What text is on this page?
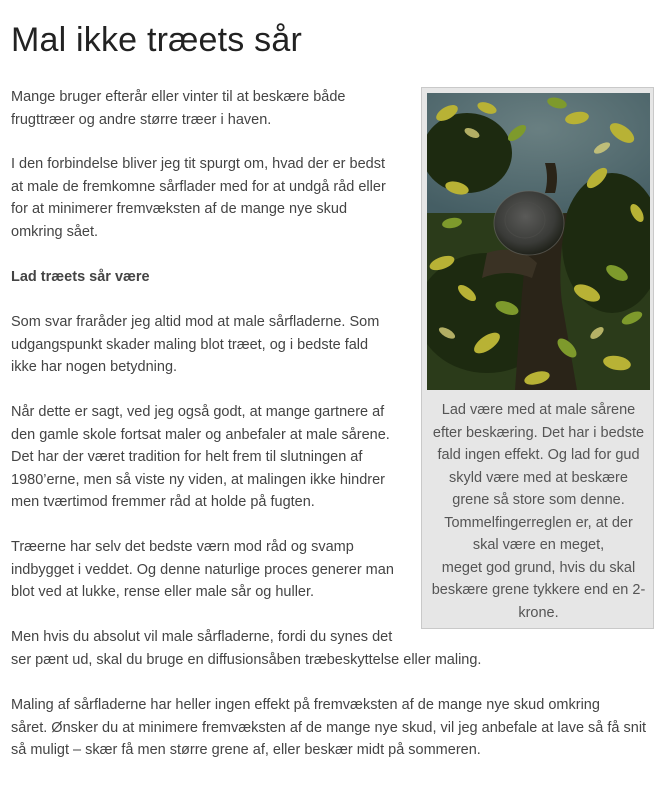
Mal ikke træets sår
Mange bruger efterår eller vinter til at beskære både
frugttræer og andre større træer i haven.
I den forbindelse bliver jeg tit spurgt om, hvad der er bedst
at male de fremkomne sårflader med for at undgå råd eller
for at minimerer fremvæksten af de mange nye skud
omkring sået.
Lad træets sår være
Som svar fraråder jeg altid mod at male sårfladerne. Som
udgangspunkt skader maling blot træet, og i bedste fald
ikke har nogen betydning.
Når dette er sagt, ved jeg også godt, at mange gartnere af
den gamle skole fortsat maler og anbefaler at male sårene.
Det har der været tradition for helt frem til slutningen af
1980’erne, men så viste ny viden, at malingen ikke hindrer
men tværtimod fremmer råd at holde på fugten.
Træerne har selv det bedste værn mod råd og svamp
indbygget i veddet. Og denne naturlige proces generer man
blot ved at lukke, rense eller male sår og huller.
Men hvis du absolut vil male sårfladerne, fordi du synes det
ser pænt ud, skal du bruge en diffusionsåben træbeskyttelse eller maling.
Maling af sårfladerne har heller ingen effekt på fremvæksten af de mange nye skud omkring
såret. Ønsker du at minimere fremvæksten af de mange nye skud, vil jeg anbefale at lave så få snit
så muligt – skær få men større grene af, eller beskær midt på sommeren.
Lad være med at male sårene
efter beskæring. Det har i bedste
fald ingen effekt. Og lad for gud
skyld være med at beskære
grene så store som denne.
Tommelfingerreglen er, at der
skal være en meget,
meget god grund, hvis du skal
beskære grene tykkere end en 2-
krone.
